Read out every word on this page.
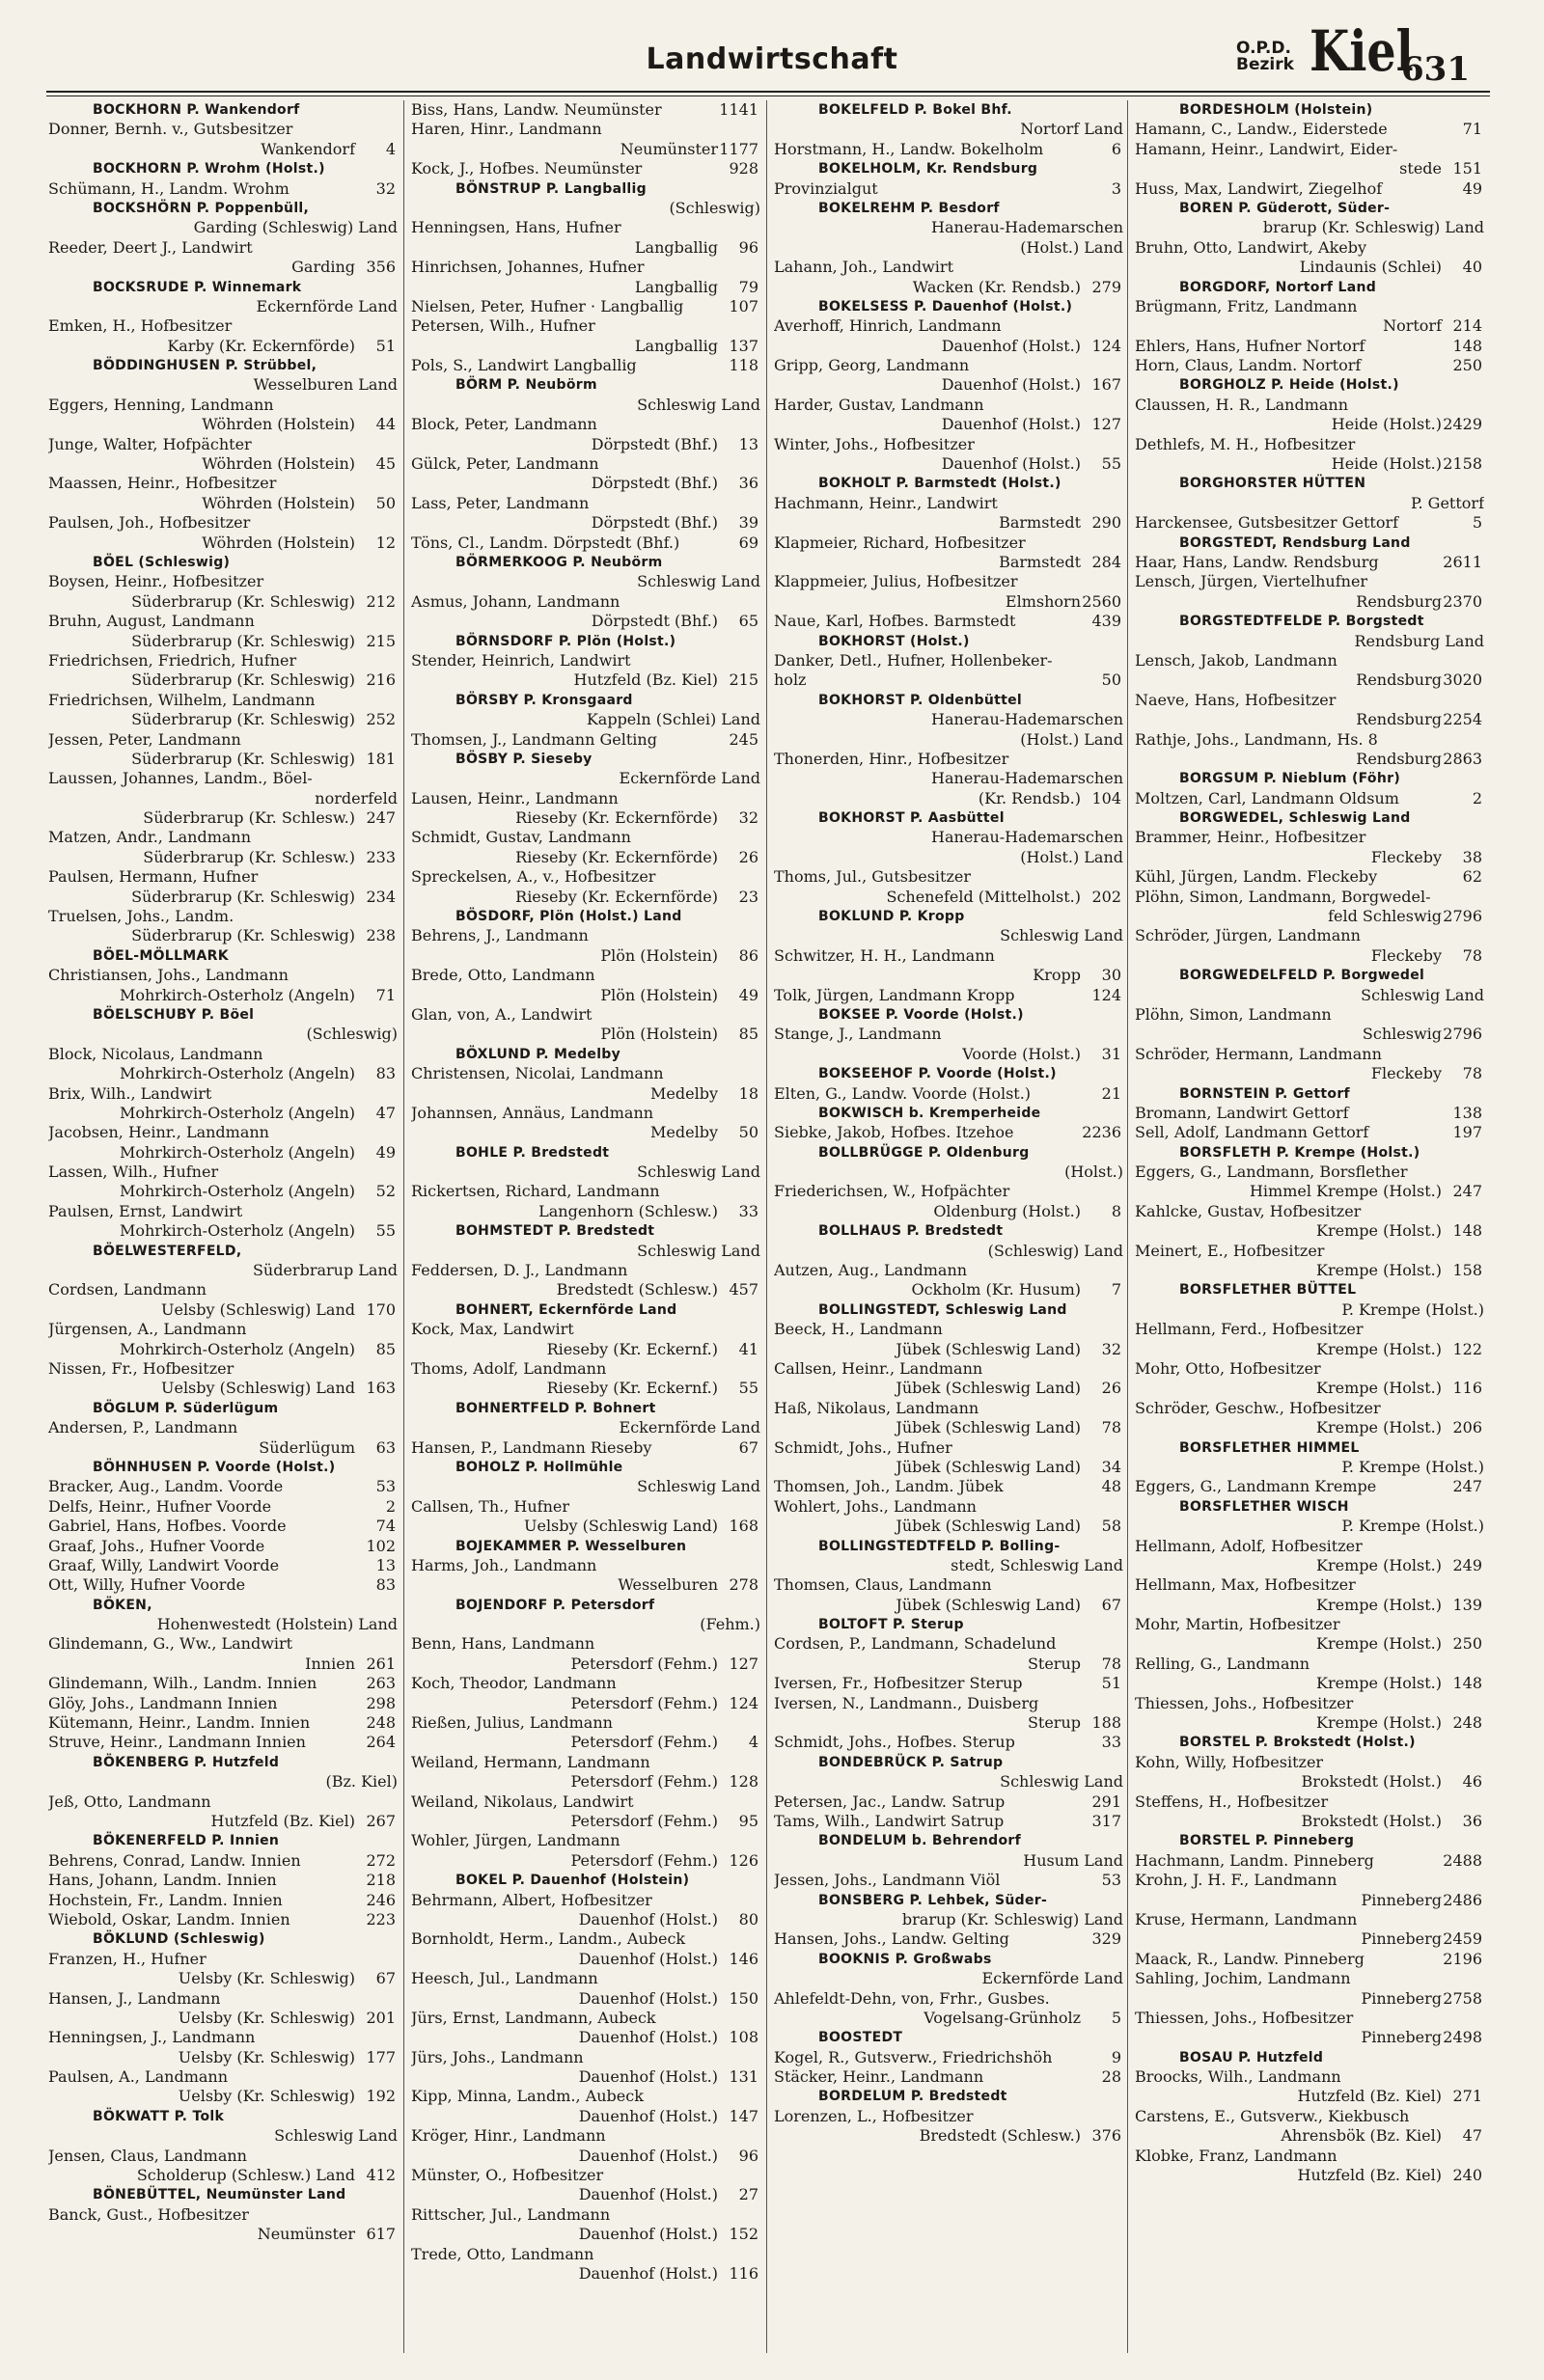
Landwirtschaft	O.P.D.
Bezirk Kiel
631
BOCKHORN P. Wankendorf
Donner, Bernh. v., Gutsbesitzer
Wankendorf 4
BOCKHORN P. Wrohm (Holst.)
Schümann, H., Landm. Wrohm	32
BOCKSHÖRN P. Poppenbüll,
Garding (Schleswig) Land
Reeder, Deert J., Landwirt
Garding 356
BOCKSRUDE P. Winnemark
Eckernförde Land
Emken, H., Hofbesitzer
Karby (Kr. Eckernförde) 51
BÖDDINGHUSEN P. Strübbel,
Wesselburen Land
Eggers, Henning, Landmann
Wöhrden (Holstein) 44
Junge, Walter, Hofpächter
Wöhrden (Holstein) 45
Maassen, Heinr., Hofbesitzer
Wöhrden (Holstein) 50
Paulsen, Joh., Hofbesitzer
Wöhrden (Holstein) 12
BÖEL (Schleswig)
Boysen, Heinr., Hofbesitzer
Süderbrarup (Kr. Schleswig) 212
Bruhn, August, Landmann
Süderbrarup (Kr. Schleswig) 215
Friedrichsen, Friedrich, Hufner
Süderbrarup (Kr. Schleswig) 216
Friedrichsen, Wilhelm, Landmann
Süderbrarup (Kr. Schleswig) 252
Jessen, Peter, Landmann
Süderbrarup (Kr. Schleswig) 181
Laussen, Johannes, Landm., Böel-
norderfeld
Süderbrarup (Kr. Schlesw.) 247
Matzen, Andr., Landmann
Süderbrarup (Kr. Schlesw.) 233
Paulsen, Hermann, Hufner
Süderbrarup (Kr. Schleswig) 234
Truelsen, Johs., Landm.
Süderbrarup (Kr. Schleswig) 238
BÖEL-MÖLLMARK
Christiansen, Johs., Landmann
Mohrkirch-Osterholz (Angeln) 71
BÖELSCHUBY P. Böel
(Schleswig)
Block, Nicolaus, Landmann
Mohrkirch-Osterholz (Angeln) 83
Brix, Wilh., Landwirt
Mohrkirch-Osterholz (Angeln) 47
Jacobsen, Heinr., Landmann
Mohrkirch-Osterholz (Angeln) 49
Lassen, Wilh., Hufner
Mohrkirch-Osterholz (Angeln) 52
Paulsen, Ernst, Landwirt
Mohrkirch-Osterholz (Angeln) 55
BÖELWESTERFELD,
Süderbrarup Land
Cordsen, Landmann
Uelsby (Schleswig) Land 170
Jürgensen, A., Landmann
Mohrkirch-Osterholz (Angeln) 85
Nissen, Fr., Hofbesitzer
Uelsby (Schleswig) Land 163
BÖGLUM P. Süderlügum
Andersen, P., Landmann
Süderlügum 63
BÖHNHUSEN P. Voorde (Holst.)
Bracker, Aug., Landm. Voorde	53
Delfs, Heinr., Hufner Voorde	2
Gabriel, Hans, Hofbes. Voorde	74
Graaf, Johs., Hufner Voorde	102
Graaf, Willy, Landwirt Voorde	13
Ott, Willy, Hufner Voorde	83
BÖKEN,
Hohenwestedt (Holstein) Land
Glindemann, G., Ww., Landwirt
Innien 261
Glindemann, Wilh., Landm. Innien	263
Glöy, Johs., Landmann Innien	298
Kütemann, Heinr., Landm. Innien	248
Struve, Heinr., Landmann Innien	264
BÖKENBERG P. Hutzfeld
(Bz. Kiel)
Jeß, Otto, Landmann
Hutzfeld (Bz. Kiel) 267
BÖKENERFELD P. Innien
Behrens, Conrad, Landw. Innien	272
Hans, Johann, Landm. Innien	218
Hochstein, Fr., Landm. Innien	246
Wiebold, Oskar, Landm. Innien	223
BÖKLUND (Schleswig)
Franzen, H., Hufner
Uelsby (Kr. Schleswig) 67
Hansen, J., Landmann
Uelsby (Kr. Schleswig) 201
Henningsen, J., Landmann
Uelsby (Kr. Schleswig) 177
Paulsen, A., Landmann
Uelsby (Kr. Schleswig) 192
BÖKWATT P. Tolk
Schleswig Land
Jensen, Claus, Landmann
Scholderup (Schlesw.) Land 412
BÖNEBÜTTEL, Neumünster Land
Banck, Gust., Hofbesitzer
Neumünster 617
Biss, Hans, Landw. Neumünster	1141
Haren, Hinr., Landmann
Neumünster 1177
Kock, J., Hofbes. Neumünster	928
BÖNSTRUP P. Langballig
(Schleswig)
Henningsen, Hans, Hufner
Langballig 96
Hinrichsen, Johannes, Hufner
Langballig 79
Nielsen, Peter, Hufner · Langballig	107
Petersen, Wilh., Hufner
Langballig 137
Pols, S., Landwirt Langballig	118
BÖRM P. Neubörm
Schleswig Land
Block, Peter, Landmann
Dörpstedt (Bhf.) 13
Gülck, Peter, Landmann
Dörpstedt (Bhf.) 36
Lass, Peter, Landmann
Dörpstedt (Bhf.) 39
Töns, Cl., Landm. Dörpstedt (Bhf.)	69
BÖRMERKOOG P. Neubörm
Schleswig Land
Asmus, Johann, Landmann
Dörpstedt (Bhf.) 65
BÖRNSDORF P. Plön (Holst.)
Stender, Heinrich, Landwirt
Hutzfeld (Bz. Kiel) 215
BÖRSBY P. Kronsgaard
Kappeln (Schlei) Land
Thomsen, J., Landmann Gelting	245
BÖSBY P. Sieseby
Eckernförde Land
Lausen, Heinr., Landmann
Rieseby (Kr. Eckernförde) 32
Schmidt, Gustav, Landmann
Rieseby (Kr. Eckernförde) 26
Spreckelsen, A., v., Hofbesitzer
Rieseby (Kr. Eckernförde) 23
BÖSDORF, Plön (Holst.) Land
Behrens, J., Landmann
Plön (Holstein) 86
Brede, Otto, Landmann
Plön (Holstein) 49
Glan, von, A., Landwirt
Plön (Holstein) 85
BÖXLUND P. Medelby
Christensen, Nicolai, Landmann
Medelby 18
Johannsen, Annäus, Landmann
Medelby 50
BOHLE P. Bredstedt
Schleswig Land
Rickertsen, Richard, Landmann
Langenhorn (Schlesw.) 33
BOHMSTEDT P. Bredstedt
Schleswig Land
Feddersen, D. J., Landmann
Bredstedt (Schlesw.) 457
BOHNERT, Eckernförde Land
Kock, Max, Landwirt
Rieseby (Kr. Eckernf.) 41
Thoms, Adolf, Landmann
Rieseby (Kr. Eckernf.) 55
BOHNERTFELD P. Bohnert
Eckernförde Land
Hansen, P., Landmann Rieseby	67
BOHOLZ P. Hollmühle
Schleswig Land
Callsen, Th., Hufner
Uelsby (Schleswig Land) 168
BOJEKAMMER P. Wesselburen
Harms, Joh., Landmann
Wesselburen 278
BOJENDORF P. Petersdorf
(Fehm.)
Benn, Hans, Landmann
Petersdorf (Fehm.) 127
Koch, Theodor, Landmann
Petersdorf (Fehm.) 124
Rießen, Julius, Landmann
Petersdorf (Fehm.) 4
Weiland, Hermann, Landmann
Petersdorf (Fehm.) 128
Weiland, Nikolaus, Landwirt
Petersdorf (Fehm.) 95
Wohler, Jürgen, Landmann
Petersdorf (Fehm.) 126
BOKEL P. Dauenhof (Holstein)
Behrmann, Albert, Hofbesitzer
Dauenhof (Holst.) 80
Bornholdt, Herm., Landm., Aubeck
Dauenhof (Holst.) 146
Heesch, Jul., Landmann
Dauenhof (Holst.) 150
Jürs, Ernst, Landmann, Aubeck
Dauenhof (Holst.) 108
Jürs, Johs., Landmann
Dauenhof (Holst.) 131
Kipp, Minna, Landm., Aubeck
Dauenhof (Holst.) 147
Kröger, Hinr., Landmann
Dauenhof (Holst.) 96
Münster, O., Hofbesitzer
Dauenhof (Holst.) 27
Rittscher, Jul., Landmann
Dauenhof (Holst.) 152
Trede, Otto, Landmann
Dauenhof (Holst.) 116
BOKELFELD P. Bokel Bhf.
Nortorf Land
Horstmann, H., Landw. Bokelholm	6
BOKELHOLM, Kr. Rendsburg
Provinzialgut	3
BOKELREHM P. Besdorf
Hanerau-Hademarschen
(Holst.) Land
Lahann, Joh., Landwirt
Wacken (Kr. Rendsb.) 279
BOKELSESS P. Dauenhof (Holst.)
Averhoff, Hinrich, Landmann
Dauenhof (Holst.) 124
Gripp, Georg, Landmann
Dauenhof (Holst.) 167
Harder, Gustav, Landmann
Dauenhof (Holst.) 127
Winter, Johs., Hofbesitzer
Dauenhof (Holst.) 55
BOKHOLT P. Barmstedt (Holst.)
Hachmann, Heinr., Landwirt
Barmstedt 290
Klapmeier, Richard, Hofbesitzer
Barmstedt 284
Klappmeier, Julius, Hofbesitzer
Elmshorn 2560
Naue, Karl, Hofbes. Barmstedt	439
BOKHORST (Holst.)
Danker, Detl., Hufner, Hollenbeker-
holz	50
BOKHORST P. Oldenbüttel
Hanerau-Hademarschen
(Holst.) Land
Thonerden, Hinr., Hofbesitzer
Hanerau-Hademarschen
(Kr. Rendsb.) 104
BOKHORST P. Aasbüttel
Hanerau-Hademarschen
(Holst.) Land
Thoms, Jul., Gutsbesitzer
Schenefeld (Mittelholst.) 202
BOKLUND P. Kropp
Schleswig Land
Schwitzer, H. H., Landmann
Kropp 30
Tolk, Jürgen, Landmann Kropp	124
BOKSEE P. Voorde (Holst.)
Stange, J., Landmann
Voorde (Holst.) 31
BOKSEEHOF P. Voorde (Holst.)
Elten, G., Landw. Voorde (Holst.)	21
BOKWISCH b. Kremperheide
Siebke, Jakob, Hofbes. Itzehoe	2236
BOLLBRÜGGE P. Oldenburg
(Holst.)
Friederichsen, W., Hofpächter
Oldenburg (Holst.) 8
BOLLHAUS P. Bredstedt
(Schleswig) Land
Autzen, Aug., Landmann
Ockholm (Kr. Husum) 7
BOLLINGSTEDT, Schleswig Land
Beeck, H., Landmann
Jübek (Schleswig Land) 32
Callsen, Heinr., Landmann
Jübek (Schleswig Land) 26
Haß, Nikolaus, Landmann
Jübek (Schleswig Land) 78
Schmidt, Johs., Hufner
Jübek (Schleswig Land) 34
Thomsen, Joh., Landm. Jübek	48
Wohlert, Johs., Landmann
Jübek (Schleswig Land) 58
BOLLINGSTEDTFELD P. Bolling-
stedt, Schleswig Land
Thomsen, Claus, Landmann
Jübek (Schleswig Land) 67
BOLTOFT P. Sterup
Cordsen, P., Landmann, Schadelund
Sterup 78
Iversen, Fr., Hofbesitzer Sterup	51
Iversen, N., Landmann., Duisberg
Sterup 188
Schmidt, Johs., Hofbes. Sterup	33
BONDEBRÜCK P. Satrup
Schleswig Land
Petersen, Jac., Landw. Satrup	291
Tams, Wilh., Landwirt Satrup	317
BONDELUM b. Behrendorf
Husum Land
Jessen, Johs., Landmann Viöl	53
BONSBERG P. Lehbek, Süder-
brarup (Kr. Schleswig) Land
Hansen, Johs., Landw. Gelting	329
BOOKNIS P. Großwabs
Eckernförde Land
Ahlefeldt-Dehn, von, Frhr., Gusbes.
Vogelsang-Grünholz 5
BOOSTEDT
Kogel, R., Gutsverw., Friedrichshöh	9
Stäcker, Heinr., Landmann	28
BORDELUM P. Bredstedt
Lorenzen, L., Hofbesitzer
Bredstedt (Schlesw.) 376
BORDESHOLM (Holstein)
Hamann, C., Landw., Eiderstede	71
Hamann, Heinr., Landwirt, Eider-
stede 151
Huss, Max, Landwirt, Ziegelhof	49
BOREN P. Güderott, Süder-
brarup (Kr. Schleswig) Land
Bruhn, Otto, Landwirt, Akeby
Lindaunis (Schlei) 40
BORGDORF, Nortorf Land
Brügmann, Fritz, Landmann
Nortorf 214
Ehlers, Hans, Hufner Nortorf	148
Horn, Claus, Landm. Nortorf	250
BORGHOLZ P. Heide (Holst.)
Claussen, H. R., Landmann
Heide (Holst.) 2429
Dethlefs, M. H., Hofbesitzer
Heide (Holst.) 2158
BORGHORSTER HÜTTEN
P. Gettorf
Harckensee, Gutsbesitzer Gettorf	5
BORGSTEDT, Rendsburg Land
Haar, Hans, Landw. Rendsburg	2611
Lensch, Jürgen, Viertelhufner
Rendsburg 2370
BORGSTEDTFELDE P. Borgstedt
Rendsburg Land
Lensch, Jakob, Landmann
Rendsburg 3020
Naeve, Hans, Hofbesitzer
Rendsburg 2254
Rathje, Johs., Landmann, Hs. 8
Rendsburg 2863
BORGSUM P. Nieblum (Föhr)
Moltzen, Carl, Landmann Oldsum	2
BORGWEDEL, Schleswig Land
Brammer, Heinr., Hofbesitzer
Fleckeby 38
Kühl, Jürgen, Landm. Fleckeby	62
Plöhn, Simon, Landmann, Borgwedel-
feld Schleswig 2796
Schröder, Jürgen, Landmann
Fleckeby 78
BORGWEDELFELD P. Borgwedel
Schleswig Land
Plöhn, Simon, Landmann
Schleswig 2796
Schröder, Hermann, Landmann
Fleckeby 78
BORNSTEIN P. Gettorf
Bromann, Landwirt Gettorf	138
Sell, Adolf, Landmann Gettorf	197
BORSFLETH P. Krempe (Holst.)
Eggers, G., Landmann, Borsflether
Himmel Krempe (Holst.) 247
Kahlcke, Gustav, Hofbesitzer
Krempe (Holst.) 148
Meinert, E., Hofbesitzer
Krempe (Holst.) 158
BORSFLETHER BÜTTEL
P. Krempe (Holst.)
Hellmann, Ferd., Hofbesitzer
Krempe (Holst.) 122
Mohr, Otto, Hofbesitzer
Krempe (Holst.) 116
Schröder, Geschw., Hofbesitzer
Krempe (Holst.) 206
BORSFLETHER HIMMEL
P. Krempe (Holst.)
Eggers, G., Landmann Krempe	247
BORSFLETHER WISCH
P. Krempe (Holst.)
Hellmann, Adolf, Hofbesitzer
Krempe (Holst.) 249
Hellmann, Max, Hofbesitzer
Krempe (Holst.) 139
Mohr, Martin, Hofbesitzer
Krempe (Holst.) 250
Relling, G., Landmann
Krempe (Holst.) 148
Thiessen, Johs., Hofbesitzer
Krempe (Holst.) 248
BORSTEL P. Brokstedt (Holst.)
Kohn, Willy, Hofbesitzer
Brokstedt (Holst.) 46
Steffens, H., Hofbesitzer
Brokstedt (Holst.) 36
BORSTEL P. Pinneberg
Hachmann, Landm. Pinneberg	2488
Krohn, J. H. F., Landmann
Pinneberg 2486
Kruse, Hermann, Landmann
Pinneberg 2459
Maack, R., Landw. Pinneberg	2196
Sahling, Jochim, Landmann
Pinneberg 2758
Thiessen, Johs., Hofbesitzer
Pinneberg 2498
BOSAU P. Hutzfeld
Broocks, Wilh., Landmann
Hutzfeld (Bz. Kiel) 271
Carstens, E., Gutsverw., Kiekbusch
Ahrensbök (Bz. Kiel) 47
Klobke, Franz, Landmann
Hutzfeld (Bz. Kiel) 240
